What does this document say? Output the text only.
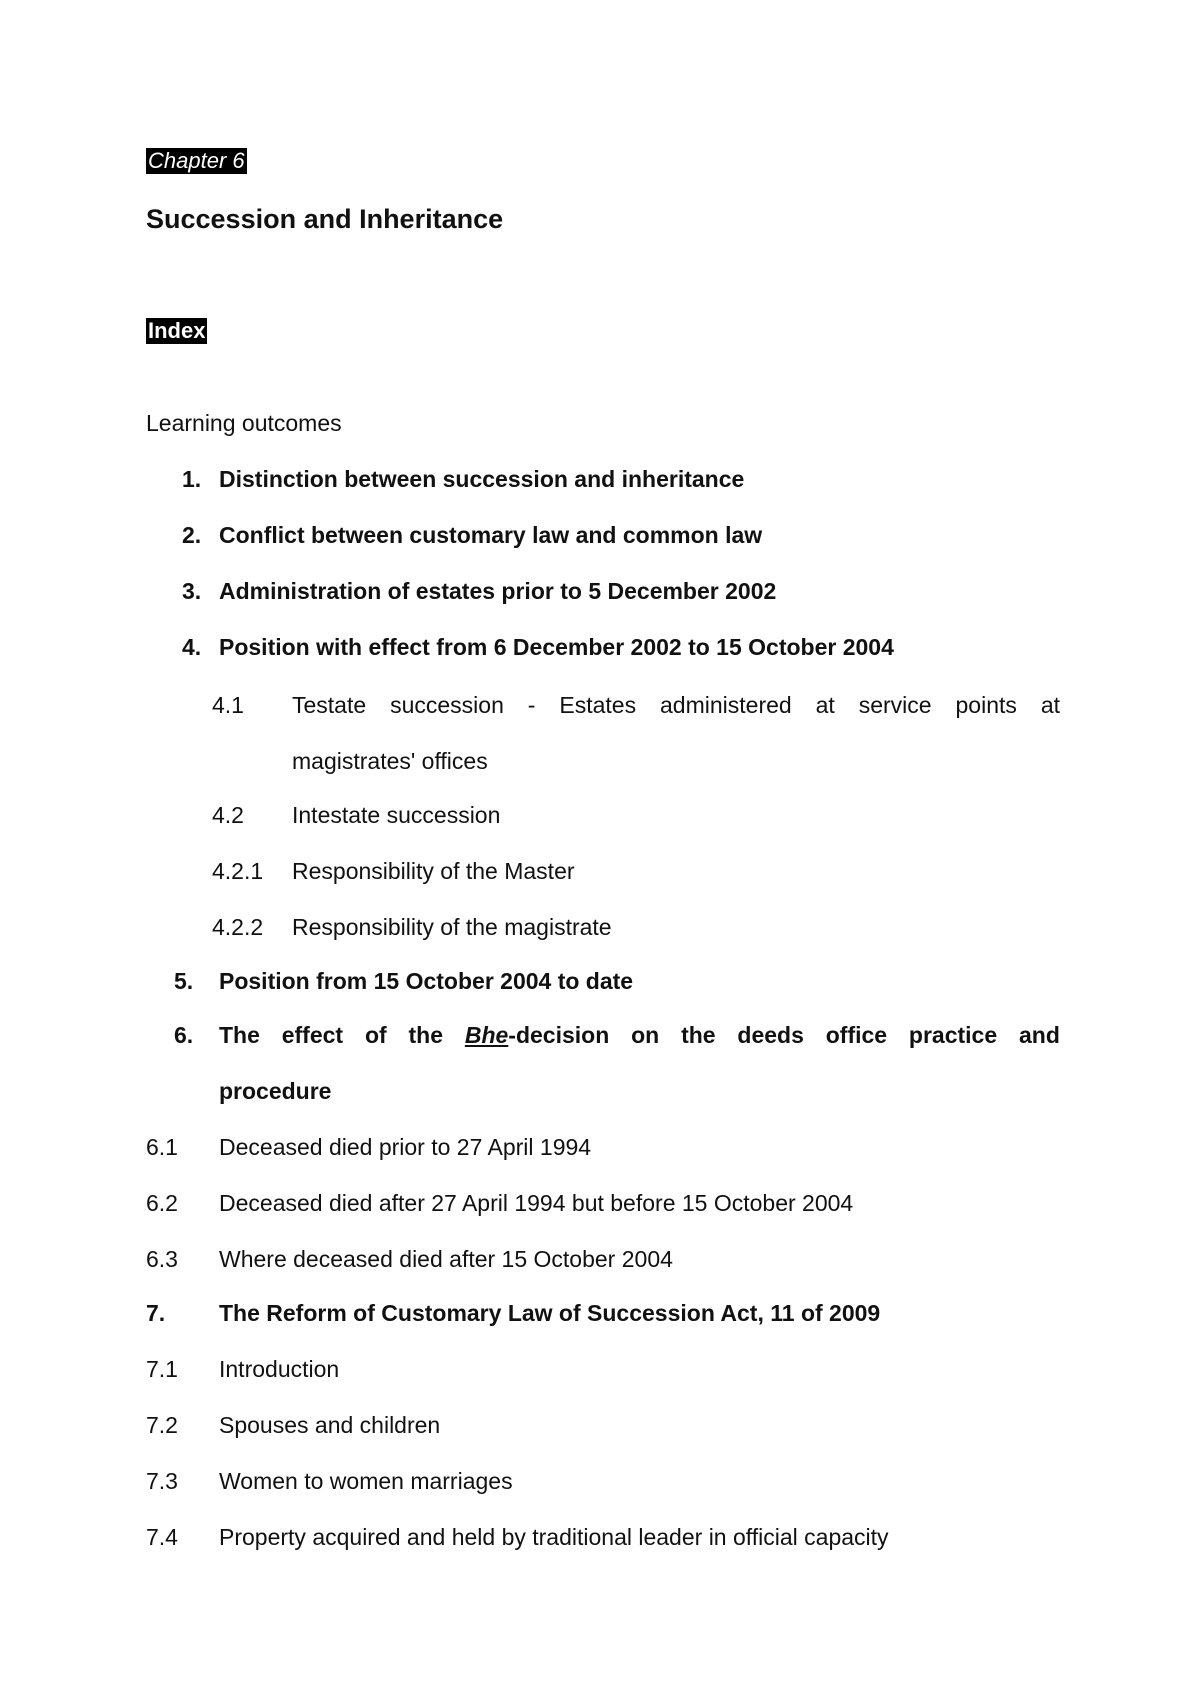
Chapter 6
Succession and Inheritance
Index
Learning outcomes
1. Distinction between succession and inheritance
2. Conflict between customary law and common law
3. Administration of estates prior to 5 December 2002
4. Position with effect from 6 December 2002 to 15 October 2004
4.1 Testate succession - Estates administered at service points at
magistrates' offices
4.2 Intestate succession
4.2.1 Responsibility of the Master
4.2.2 Responsibility of the magistrate
5. Position from 15 October 2004 to date
6. The effect of the Bhe-decision on the deeds office practice and
procedure
6.1 Deceased died prior to 27 April 1994
6.2 Deceased died after 27 April 1994 but before 15 October 2004
6.3 Where deceased died after 15 October 2004
7. The Reform of Customary Law of Succession Act, 11 of 2009
7.1 Introduction
7.2 Spouses and children
7.3 Women to women marriages
7.4 Property acquired and held by traditional leader in official capacity
